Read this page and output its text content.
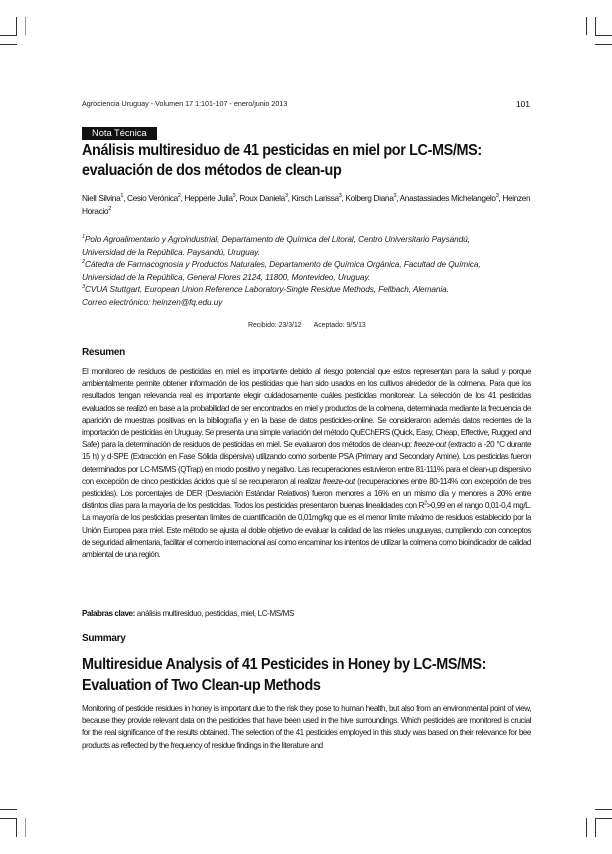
Agrociencia Uruguay - Volumen 17 1:101-107 - enero/junio 2013	101
Nota Técnica
Análisis multiresiduo de 41 pesticidas en miel por LC-MS/MS: evaluación de dos métodos de clean-up
Niell Silvina$^1$, Cesio Verónica$^2$, Hepperle Julia$^3$, Roux Daniela$^3$, Kirsch Larissa$^3$, Kolberg Diana$^3$, Anastassiades Michelangelo$^3$, Heinzen Horacio$^2$
$^1$Polo Agroalimentario y Agroindustrial, Departamento de Química del Litoral, Centro Universitario Paysandú,
Universidad de la República. Paysandú, Uruguay.
$^2$Cátedra de Farmacognosia y Productos Naturales, Departamento de Química Orgánica, Facultad de Química,
Universidad de la República, General Flores 2124, 11800, Montevideo, Uruguay.
$^3$CVUA Stuttgart, European Union Reference Laboratory-Single Residue Methods, Fellbach, Alemania.
Correo electrónico: heinzen@fq.edu.uy
Recibido: 23/3/12 Aceptado: 9/5/13
Resumen

El monitoreo de residuos de pesticidas en miel es importante debido al riesgo potencial que estos representan para la salud y porque ambientalmente permite obtener información de los pesticidas que han sido usados en los cultivos alrededor de la colmena. Para que los resultados tengan relevancia real es importante elegir cuidadosamente cuáles pesticidas monitorear. La selección de los 41 pesticidas evaluados se realizó en base a la probabilidad de ser encontrados en miel y productos de la colmena, determinada mediante la frecuencia de aparición de muestras positivas en la bibliografía y en la base de datos pesticides-online. Se consideraron además datos recientes de la importación de pesticidas en Uruguay. Se presenta una simple variación del método QuEChERS (Quick, Easy, Cheap, Effective, Rugged and Safe) para la determinación de residuos de pesticidas en miel. Se evaluaron dos métodos de clean-up: freeze-out (extracto a -20 °C durante 15 h) y d-SPE (Extracción en Fase Sólida dispersiva) utilizando como sorbente PSA (Primary and Secondary Amine). Los pesticidas fueron determinados por LC-MS/MS (QTrap) en modo positivo y negativo. Las recuperaciones estuvieron entre 81-111% para el clean-up dispersivo con excepción de cinco pesticidas ácidos que sí se recuperaron al realizar freeze-out (recuperaciones entre 80-114% con excepción de tres pesticidas). Los porcentajes de DER (Desviación Estándar Relativos) fueron menores a 16% en un mismo día y menores a 20% entre distintos días para la mayoría de los pesticidas. Todos los pesticidas presentaron buenas linealidades con $R^2>0,99$ en el rango 0,01-0,4 mg/L. La mayoría de los pesticidas presentan límites de cuantificación de 0,01mg/kg que es el menor límite máximo de residuos establecido por la Unión Europea para miel. Este método se ajusta al doble objetivo de evaluar la calidad de las mieles uruguayas, cumpliendo con conceptos de seguridad alimentaria, facilitar el comercio internacional así como encaminar los intentos de utilizar la colmena como bioindicador de calidad ambiental de una región.

Palabras clave: análisis multiresiduo, pesticidas, miel, LC-MS/MS
Summary
Multiresidue Analysis of 41 Pesticides in Honey by LC-MS/MS: Evaluation of Two Clean-up Methods

Monitoring of pesticide residues in honey is important due to the risk they pose to human health, but also from an environmental point of view, because they provide relevant data on the pesticides that have been used in the hive surroundings. Which pesticides are monitored is crucial for the real significance of the results obtained. The selection of the 41 pesticides employed in this study was based on their relevance for bee products as reflected by the frequency of residue findings in the literature and
